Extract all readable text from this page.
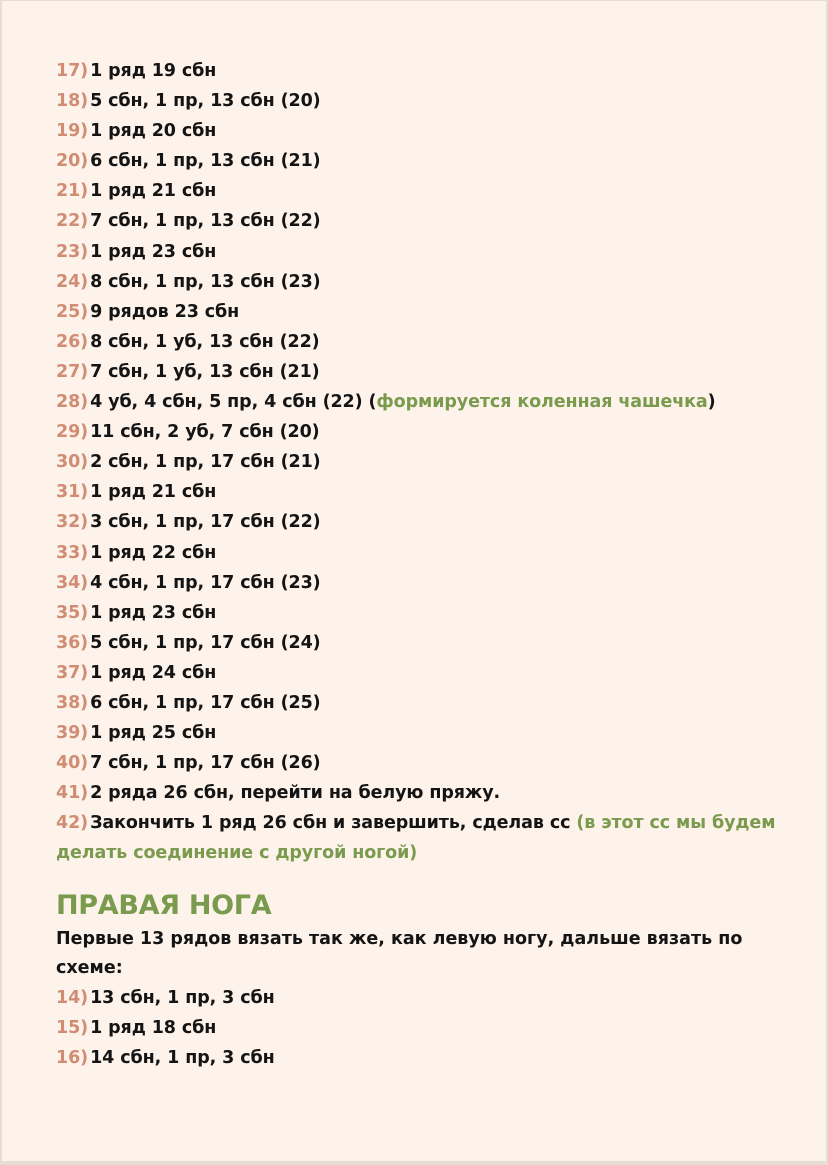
17) 1 ряд 19 сбн
18) 5 сбн, 1 пр, 13 сбн (20)
19) 1 ряд 20 сбн
20) 6 сбн, 1 пр, 13 сбн (21)
21) 1 ряд 21 сбн
22) 7 сбн, 1 пр, 13 сбн (22)
23) 1 ряд 23 сбн
24) 8 сбн, 1 пр, 13 сбн (23)
25) 9 рядов 23 сбн
26) 8 сбн, 1 уб, 13 сбн (22)
27) 7 сбн, 1 уб, 13 сбн (21)
28) 4 уб, 4 сбн, 5 пр, 4 сбн (22) (формируется коленная чашечка)
29) 11 сбн, 2 уб, 7 сбн (20)
30) 2 сбн, 1 пр, 17 сбн (21)
31) 1 ряд 21 сбн
32) 3 сбн, 1 пр, 17 сбн (22)
33) 1 ряд 22 сбн
34) 4 сбн, 1 пр, 17 сбн (23)
35) 1 ряд 23 сбн
36) 5 сбн, 1 пр, 17 сбн (24)
37) 1 ряд 24 сбн
38) 6 сбн, 1 пр, 17 сбн (25)
39) 1 ряд 25 сбн
40) 7 сбн, 1 пр, 17 сбн (26)
41) 2 ряда 26 сбн, перейти на белую пряжу.
42) Закончить 1 ряд 26 сбн и завершить, сделав сс (в этот сс мы будем делать соединение с другой ногой)
ПРАВАЯ НОГА
Первые 13 рядов вязать так же, как левую ногу, дальше вязать по схеме:
14) 13 сбн, 1 пр, 3 сбн
15) 1 ряд 18 сбн
16) 14 сбн, 1 пр, 3 сбн
